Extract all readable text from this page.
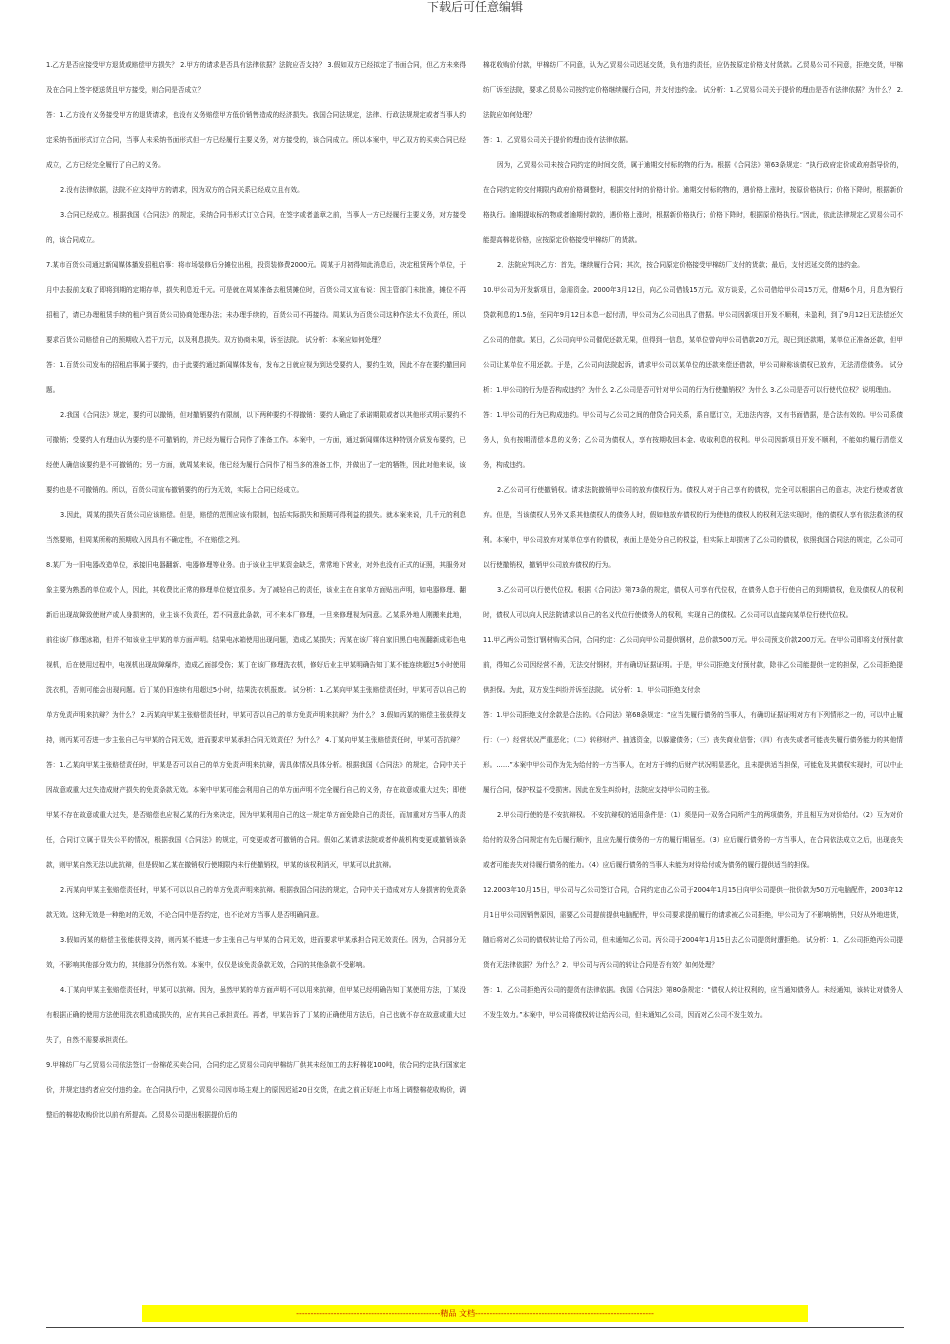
下载后可任意编辑

1.乙方是否应接受甲方退货或赔偿甲方损失？ 2.甲方的请求是否具有法律依据？法院应否支持？ 3.假如双方已经拟定了书面合同，但乙方未来得及在合同上签字便送货且甲方接受，则合同是否成立？

答：1.乙方没有义务接受甲方的退货请求，也没有义务赔偿甲方低价销售造成的经济损失。我国合同法规定，法律、行政法规规定或者当事人约定采纳书面形式订立合同，当事人未采纳书面形式但一方已经履行主要义务，对方接受的，该合同成立。所以本案中，甲乙双方的买卖合同已经成立，乙方已经完全履行了自己的义务。

2.没有法律依据，法院不应支持甲方的请求，因为双方的合同关系已经成立且有效。

3.合同已经成立。根据我国《合同法》的规定，采纳合同书形式订立合同，在签字或者盖章之前，当事人一方已经履行主要义务，对方接受的，该合同成立。

7.某市百货公司通过新闻媒体播发招租启事：将市场装修后分摊位出租，投资装修费2000元。周某于月初得知此消息后，决定租赁两个单位，于月中去报前支取了即将到期的定期存单，损失利息近千元。可是就在周某准备去租赁摊位时，百货公司又宣布说：因主管部门未批准，摊位不再招租了，请已办理租赁手续的租户到百货公司协商处理办法；未办理手续的，百货公司不再接待。周某认为百货公司这种作法太不负责任，所以要求百货公司赔偿自己的预期收入若干万元，以及利息损失。双方协商未果，诉至法院。 试分析：本案应如何处理？

答：1.百货公司发布的招租启事属于要约，由于此要约通过新闻媒体发布，发布之日就应视为到达受要约人，要约生效，因此不存在要约撤回问题。

2.我国《合同法》规定，要约可以撤销，但对撤销要约有限制，以下两种要约不得撤销：要约人确定了承诺期限或者以其他形式明示要约不可撤销；受要约人有理由认为要约是不可撤销的，并已经为履行合同作了准备工作。本案中，一方面，通过新闻媒体这种特别介质发布要约，已经使人确信该要约是不可撤销的；另一方面，就周某来说，他已经为履行合同作了相当多的准备工作，并做出了一定的牺牲，因此对他来说，该要约也是不可撤销的。所以，百货公司宣布撤销要约的行为无效，实际上合同已经成立。

3.因此，周某的损失百货公司应该赔偿。但是，赔偿的范围应该有限制，包括实际损失和预期可得利益的损失。就本案来说，几千元的利息当然要赔，但周某所称的预期收入因具有不确定性，不在赔偿之列。

8.某厂为一旧电器改造单位，承接旧电器翻新、电器修理等业务。由于该业主甲某资金缺乏，常常地下营业，对外也没有正式的证照，其服务对象主要为熟悉的单位或个人，因此，其收费比正常的修理单位便宜很多。为了减轻自己的责任，该业主在自家单方面贴出声明，如电器修理、翻新后出现故障致使财产或人身损害的，业主该不负责任，若不同意此条款，可不来本厂修理，一旦来修理视为同意。乙某系外地人刚搬来此地，前往该厂修理冰箱，但并不知该业主甲某的单方面声明。结果电冰箱使用出现问题，造成乙某损失；丙某在该厂将自家旧黑白电视翻新成彩色电视机，后在使用过程中，电视机出现故障爆炸，造成乙面部受伤；某丁在该厂修理洗衣机，修好后业主甲某明确告知丁某不能连续超过5小时使用洗衣机，否则可能会出现问题。后丁某仍旧连续有用超过5小时，结果洗衣机报废。 试分析：1.乙某向甲某主张赔偿责任时，甲某可否以自己的单方免责声明来抗辩？为什么？ 2.丙某向甲某主张赔偿责任时，甲某可否以自己的单方免责声明来抗辩？为什么？ 3.假如丙某的赔偿主张获得支持，则丙某可否进一步主张自己与甲某的合同无效，进而要求甲某承担合同无效责任？为什么？ 4.丁某向甲某主张赔偿责任时，甲某可否抗辩？

答：1.乙某向甲某主张赔偿责任时，甲某是否可以自己的单方免责声明来抗辩，需具体情况具体分析。根据我国《合同法》的规定，合同中关于因故意或重大过失造成财产损失的免责条款无效。本案中甲某可能会利用自己的单方面声明不完全履行自己的义务，存在故意或重大过失；即使甲某不存在故意或重大过失，是否赔偿也应视乙某的行为来决定，因为甲某利用自己的这一规定单方面免除自己的责任，而加重对方当事人的责任，合同订立属于显失公平的情况，根据我国《合同法》的规定，可变更或者可撤销的合同。假如乙某请求法院或者仲裁机构变更或撤销该条款，则甲某自然无法以此抗辩，但是假如乙某在撤销权行使期限内未行使撤销权，甲某的该权利消灭，甲某可以此抗辩。

2.丙某向甲某主张赔偿责任时，甲某不可以以自己的单方免责声明来抗辩。根据我国合同法的规定，合同中关于造成对方人身损害的免责条款无效。这种无效是一种绝对的无效，不论合同中是否约定，也不论对方当事人是否明确同意。

3.假如丙某的赔偿主张能获得支持，则丙某不能进一步主张自己与甲某的合同无效，进而要求甲某承担合同无效责任。因为，合同部分无效，不影响其他部分效力的，其他部分仍然有效。本案中，仅仅是该免责条款无效，合同的其他条款不受影响。

4.丁某向甲某主张赔偿责任时，甲某可以抗辩。因为，虽然甲某的单方面声明不可以用来抗辩，但甲某已经明确告知丁某使用方法，丁某没有根据正确的使用方法使用洗衣机造成损失的，应有其自己承担责任。再者，甲某告诉了丁某的正确使用方法后，自己也就不存在故意或重大过失了，自然不需要承担责任。

9.甲棉纺厂与乙贸易公司依法签订一份棉花买卖合同，合同约定乙贸易公司向甲棉纺厂供其未经加工的去籽棉花100吨，依合同约定执行国家定价，并规定违约者应交付违约金。在合同执行中，乙贸易公司因市场主观上的原因迟延20日交货，在此之前正好赶上市场上调整棉花收购价，调整后的棉花收购价比以前有所提高。乙贸易公司提出根据提价后的

棉花收购价付款，甲棉纺厂不同意，认为乙贸易公司迟延交货，负有违约责任，应仍按原定价格支付货款。乙贸易公司不同意，拒绝交货，甲棉纺厂诉至法院，要求乙贸易公司按约定价格继续履行合同，并支付违约金。 试分析：1.乙贸易公司关于提价的理由是否有法律依据？为什么？ 2.法院应如何处理？

答：1．乙贸易公司关于提价的理由没有法律依据。

因为，乙贸易公司未按合同约定的时间交货，属于逾期交付标的物的行为。根据《合同法》第63条规定：“执行政府定价或政府指导价的，在合同约定的交付期限内政府价格调整时，根据交付时的价格计价。逾期交付标的物的，遇价格上涨时，按原价格执行；价格下降时，根据新价格执行。逾期提取标的物或者逾期付款的，遇价格上涨时，根据新价格执行；价格下降时，根据原价格执行。”因此，依此法律规定乙贸易公司不能提高棉花价格，应按原定价格接受甲棉纺厂的货款。

2．法院应判决乙方：首先，继续履行合同；其次，按合同原定价格接受甲棉纺厂支付的货款；最后，支付迟延交货的违约金。

10.甲公司为开发新项目，急需资金。2000年3月12日，向乙公司借钱15万元。双方谈妥，乙公司借给甲公司15万元，借期6个月，月息为银行贷款利息的1.5倍，至同年9月12日本息一起付清，甲公司为乙公司出具了借据。甲公司因新项目开发不顺利，未盈利，到了9月12日无法偿还欠乙公司的借款。某日，乙公司向甲公司催促还款无果，但得到一信息，某单位曾向甲公司借款20万元，现已到还款期，某单位正准备还款，但甲公司让某单位不用还款。于是，乙公司向法院起诉，请求甲公司以某单位的还款来偿还借款，甲公司辩称该债权已放弃，无法清偿债务。 试分析：1.甲公司的行为是否构成违约？为什么 2.乙公司是否可针对甲公司的行为行使撤销权？为什么 3.乙公司是否可以行使代位权？说明理由。

答：1.甲公司的行为已构成违约。甲公司与乙公司之间的借贷合同关系，系自愿订立，无违法内容，又有书面借据，是合法有效的。甲公司系债务人，负有按期清偿本息的义务；乙公司为债权人，享有按期收回本金、收取利息的权利。甲公司因新项目开发不顺利，不能如约履行清偿义务，构成违约。

2.乙公司可行使撤销权。请求法院撤销甲公司的放弃债权行为。债权人对于自己享有的债权，完全可以根据自己的意志，决定行使或者放弃。但是，当该债权人另外又系其他债权人的债务人时，假如他放弃债权的行为使他的债权人的权利无法实现时，他的债权人享有依法救济的权利。本案中，甲公司放弃对某单位享有的债权，表面上是处分自己的权益，但实际上却损害了乙公司的债权，依照我国合同法的规定，乙公司可以行使撤销权，撤销甲公司放弃债权的行为。

3.乙公司可以行使代位权。根据《合同法》第73条的规定，债权人可享有代位权，在债务人怠于行使自己的到期债权，危及债权人的权利时，债权人可以向人民法院请求以自己的名义代位行使债务人的权利，实现自己的债权。乙公司可以直接向某单位行使代位权。

11.甲乙两公司签订钢材购买合同，合同约定：乙公司向甲公司提供钢材，总价款500万元。甲公司预支价款200万元。在甲公司即将支付预付款前，得知乙公司因经营不善，无法交付钢材，并有确切证据证明。于是，甲公司拒绝支付预付款，除非乙公司能提供一定的担保，乙公司拒绝提供担保。为此，双方发生纠纷并诉至法院。 试分析：1．甲公司拒绝支付余

答：1.甲公司拒绝支付余款是合法的。《合同法》第68条规定：“应当先履行债务的当事人，有确切证据证明对方有下列情形之一的，可以中止履行：（一）经营状况严重恶化；（二）转移财产、抽逃资金，以躲避债务；（三）丧失商业信誉；（四）有丧失或者可能丧失履行债务能力的其他情形。……”本案中甲公司作为先为给付的一方当事人，在对方于缔约后财产状况明显恶化，且未提供适当担保，可能危及其债权实现时，可以中止履行合同，保护权益不受损害。因此在发生纠纷时，法院应支持甲公司的主张。

2.甲公司行使的是不安抗辩权。 不安抗辩权的适用条件是：（1）须是同一双务合同所产生的两项债务，并且相互为对价给付。（2）互为对价给付的双务合同规定有先后履行顺序，且应先履行债务的一方的履行期届至。（3）应后履行债务的一方当事人，在合同依法成立之后，出现丧失或者可能丧失对待履行债务的能力。（4）应后履行债务的当事人未能为对待给付或为债务的履行提供适当的担保。

12.2003年10月15日，甲公司与乙公司签订合同，合同约定由乙公司于2004年1月15日向甲公司提供一批价款为50万元电脑配件，2003年12月1日甲公司因销售原因，需要乙公司提前提供电脑配件，甲公司要求提前履行的请求被乙公司拒绝，甲公司为了不影响销售，只好从外地进货，随后将对乙公司的债权转让给了丙公司，但未通知乙公司。丙公司于2004年1月15日去乙公司提货时遭拒绝。 试分析：1．乙公司拒绝丙公司提货有无法律依据？为什么？2．甲公司与丙公司的转让合同是否有效？如何处理？

答：1．乙公司拒绝丙公司的提货有法律依据。我国《合同法》第80条规定：“债权人转让权利的，应当通知债务人。未经通知，该转让对债务人不发生效力。”本案中，甲公司将债权转让给丙公司，但未通知乙公司，因而对乙公司不发生效力。

--------------------------------------------------精品 文档--------------------------------------------------------------
